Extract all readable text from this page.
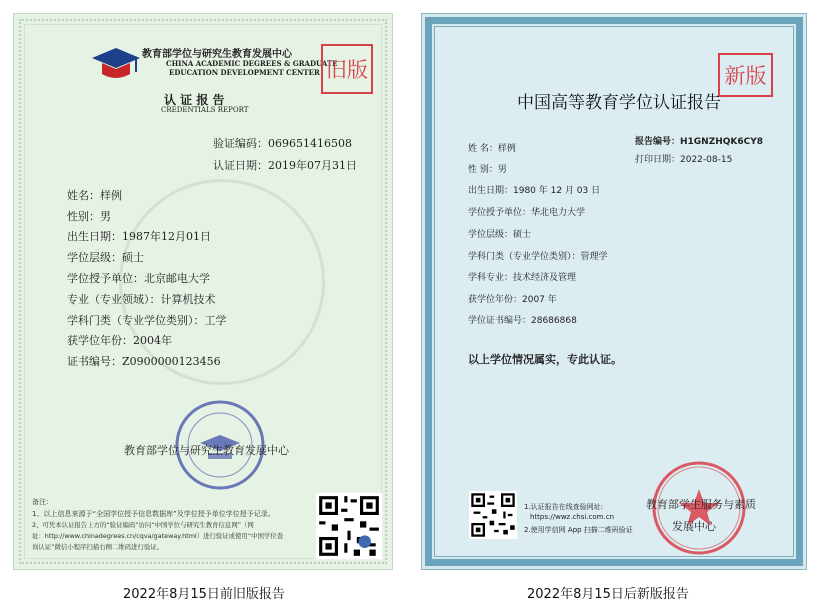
教育部学位与研究生教育发展中心
CHINA ACADEMIC DEGREES & GRADUATE
EDUCATION DEVELOPMENT CENTER 旧版
认 证 报 告
CREDENTIALS REPORT
验证编码：069651416508
认证日期：2019年07月31日
姓名：样例
性别：男
出生日期：1987年12月01日
学位层级：硕士
学位授予单位：北京邮电大学
专业（专业领域）：计算机技术
学科门类（专业学位类别）：工学
获学位年份：2004年
证书编号：Z0900000123456
教育部学位与研究生教育发展中心
备注：
1、以上信息来源于“全国学位授予信息数据库”及学位授予单位学位授予记录。
2、可凭本认证报告上方的“验证编码”访问“中国学位与研究生教育信息网”（网
址：http://www.chinadegrees.cn/cqva/gateway.html）进行验证或使用“中国学位查
询认证”微信小程序扫描右侧二维码进行验证。
2022年8月15日前旧版报告
新版
中国高等教育学位认证报告
报告编号：H1GNZHQK6CY8
打印日期：2022-08-15
姓 名：样例
性 别：男
出生日期：1980 年 12 月 03 日
学位授予单位：华北电力大学
学位层级：硕士
学科门类（专业学位类别）：管理学
学科专业：技术经济及管理
获学位年份：2007 年
学位证书编号：28686868
以上学位情况属实，专此认证。
1.认证报告在线查验网址:
https://wwz.chsi.com.cn
2.使用学信网 App 扫描二维码验证
教育部学生服务与素质
发展中心
2022年8月15日后新版报告
